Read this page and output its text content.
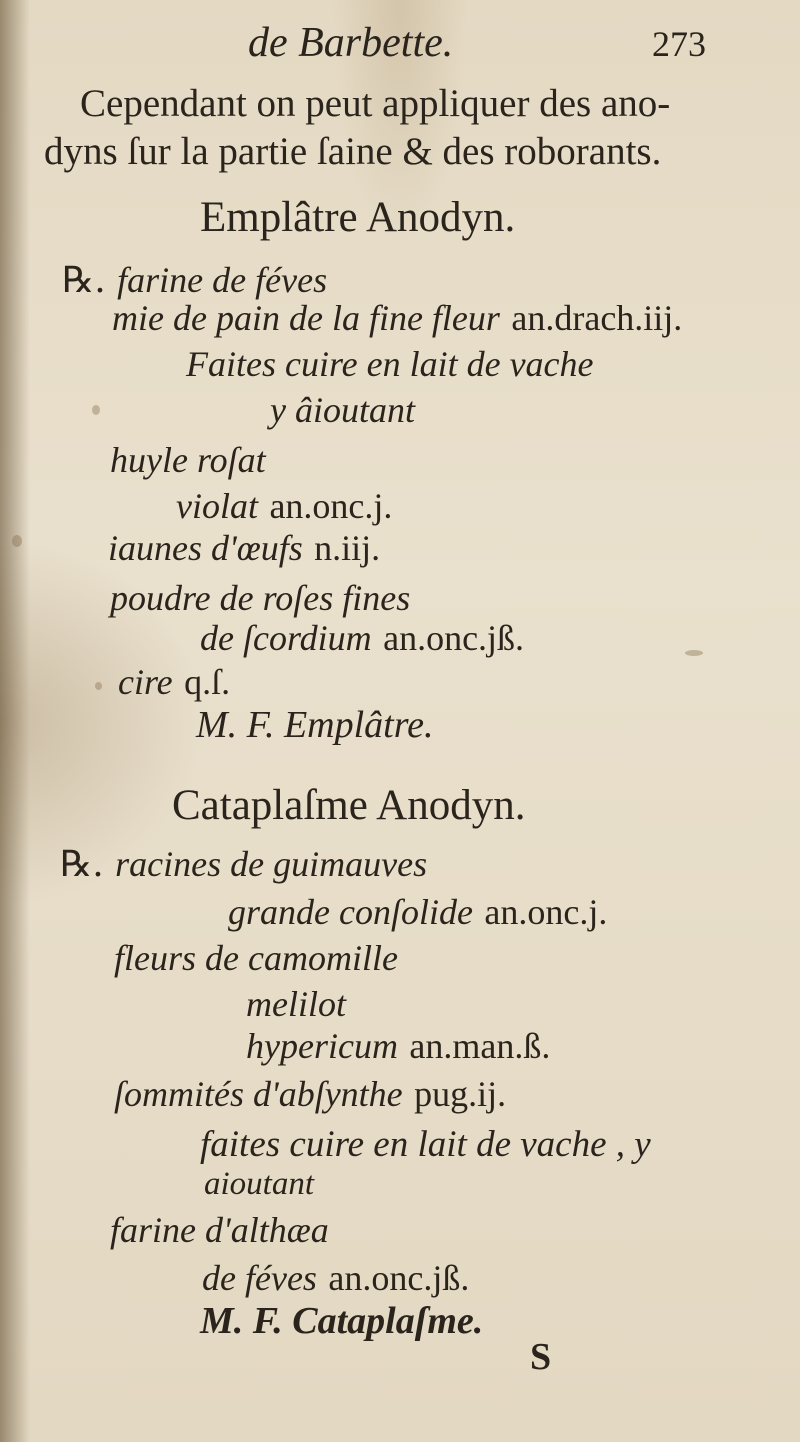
de Barbette.	273
Cependant on peut appliquer des ano-
dyns ſur la partie ſaine & des roborants.
Emplâtre Anodyn.
℞. farine de féves
mie de pain de la fine fleur an.drach.iij.
Faites cuire en lait de vache
y âioutant
huyle roſat
violat an.onc.j.
iaunes d'œufs n.iij.
poudre de roſes fines
de ſcordium an.onc.jß.
cire q.ſ.
M. F. Emplâtre.
Cataplaſme Anodyn.
℞. racines de guimauves
grande conſolide an.onc.j.
fleurs de camomille
melilot
hypericum an.man.ß.
ſommités d'abſynthe pug.ij.
faites cuire en lait de vache , y
aioutant
farine d'althæa
de féves an.onc.jß.
M. F. Cataplaſme.
S
